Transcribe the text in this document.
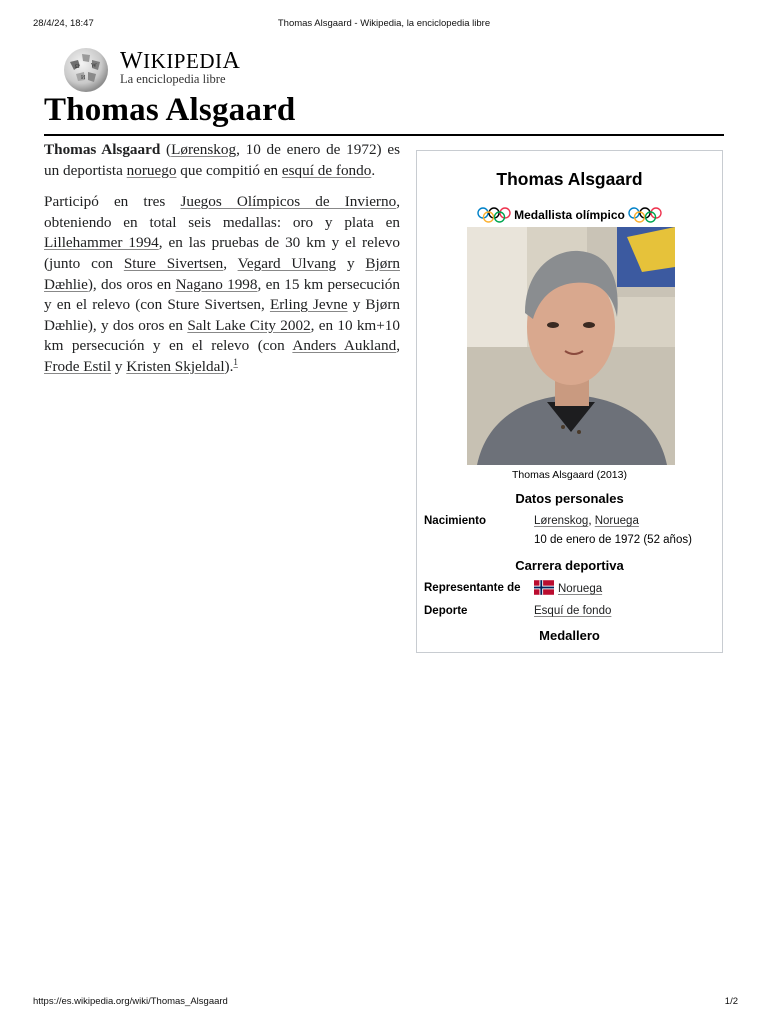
28/4/24, 18:47	Thomas Alsgaard - Wikipedia, la enciclopedia libre
Ω W
И
WIKIPEDIA
La enciclopedia libre
Thomas Alsgaard

Thomas Alsgaard (Lørenskog, 10 de enero de 1972) es un deportista noruego que compitió en esquí de fondo.

Participó en tres Juegos Olímpicos de Invierno, obteniendo en total seis medallas: oro y plata en Lillehammer 1994, en las pruebas de 30 km y el relevo (junto con Sture Sivertsen, Vegard Ulvang y Bjørn Dæhlie), dos oros en Nagano 1998, en 15 km persecución y en el relevo (con Sture Sivertsen, Erling Jevne y Bjørn Dæhlie), y dos oros en Salt Lake City 2002, en 10 km+10 km persecución y en el relevo (con Anders Aukland, Frode Estil y Kristen Skjeldal).$^1$

Thomas Alsgaard
Medallista olímpico
Thomas Alsgaard (2013)
Datos personales
Nacimiento	Lørenskog, Noruega
10 de enero de 1972 (52 años)
Carrera deportiva
Representante de	Noruega
Deporte	Esquí de fondo
Medallero
https://es.wikipedia.org/wiki/Thomas_Alsgaard	1/2
